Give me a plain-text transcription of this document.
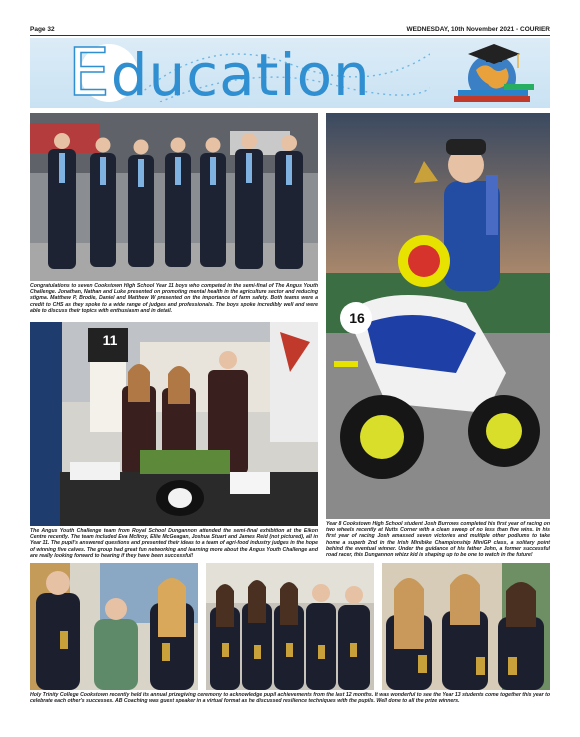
Page 32	WEDNESDAY, 10th November 2021 - COURIER
Education
Congratulations to seven Cookstown High School Year 11 boys who competed in the semi-final of The Angus Youth Challenge. Jonathan, Nathan and Luke presented on promoting mental health in the agriculture sector and reducing stigma. Matthew P, Brodie, Daniel and Matthew W presented on the importance of farm safety. Both teams were a credit to CHS as they spoke to a wide range of judges and professionals. The boys spoke incredibly well and were able to discuss their topics with enthusiasm and in detail.
11
The Angus Youth Challenge team from Royal School Dungannon attended the semi-final exhibition at the Eikon Centre recently. The team included Eva McIlroy, Ellie McGeagan, Joshua Stuart and James Reid (not pictured), all in Year 11. The pupil's answered questions and presented their ideas to a team of agri-food industry judges in the hope of winning five calves. The group had great fun networking and learning more about the Angus Youth Challenge and are really looking forward to hearing if they have been successful!
16
Year 8 Cookstown High School student Josh Burrows completed his first year of racing on two wheels recently at Nutts Corner with a clean sweep of no less than five wins. In his first year of racing Josh amassed seven victories and multiple other podiums to take home a superb 2nd in the Irish Minibike Championship MiniGP class, a solitary point behind the eventual winner. Under the guidance of his father John, a former successful road racer, this Dungannon whizz kid is shaping up to be one to watch in the future!
Holy Trinity College Cookstown recently held its annual prizegiving ceremony to acknowledge pupil achievements from the last 12 months. It was wonderful to see the Year 13 students come together this year to celebrate each other's successes. AB Coaching was guest speaker in a virtual format as he discussed resilience techniques with the pupils. Well done to all the prize winners.
